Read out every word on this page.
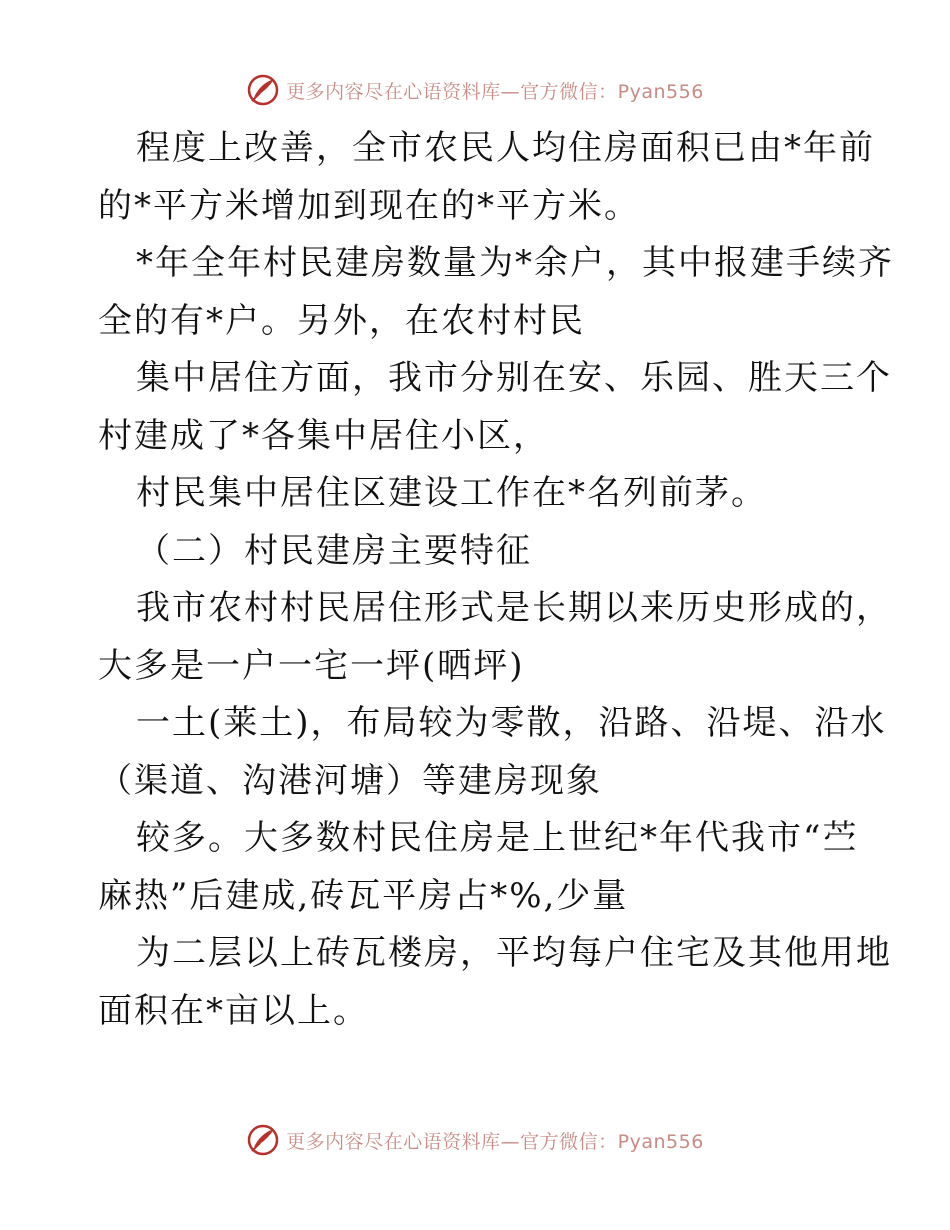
更多内容尽在心语资料库—官方微信：Pyan556

程度上改善，全市农民人均住房面积已由*年前

的*平方米增加到现在的*平方米。

*年全年村民建房数量为*余户，其中报建手续齐

全的有*户。另外，在农村村民

集中居住方面，我市分别在安、乐园、胜天三个

村建成了*各集中居住小区，

村民集中居住区建设工作在*名列前茅。

（二）村民建房主要特征

我市农村村民居住形式是长期以来历史形成的，

大多是一户一宅一坪(晒坪)

一土(莱土)，布局较为零散，沿路、沿堤、沿水

（渠道、沟港河塘）等建房现象

较多。大多数村民住房是上世纪*年代我市“苎

麻热”后建成,砖瓦平房占*%,少量

为二层以上砖瓦楼房，平均每户住宅及其他用地

面积在*亩以上。

更多内容尽在心语资料库—官方微信：Pyan556
